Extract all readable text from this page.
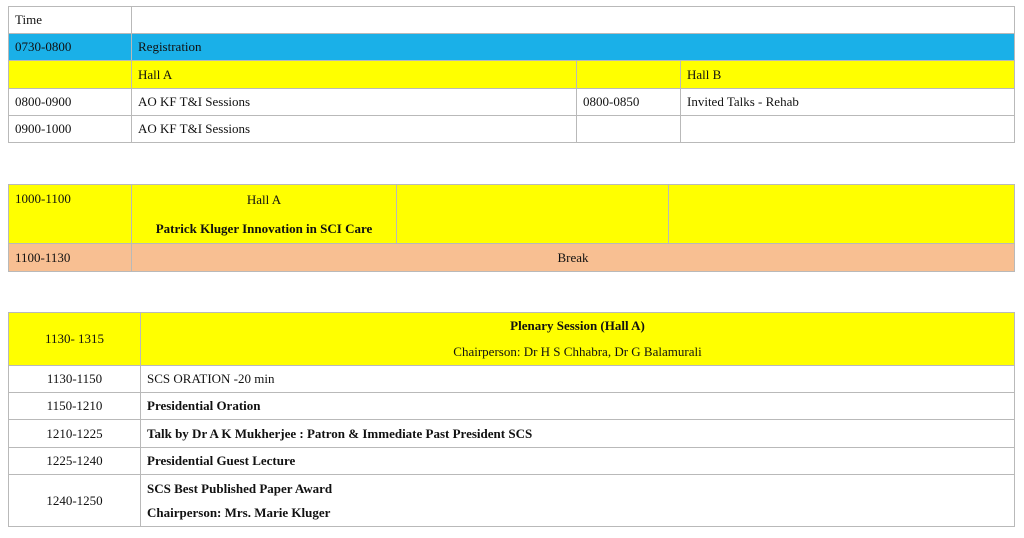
Time			
0730-0800	Registration		
	Hall A		Hall B
0800-0900	AO KF T&I Sessions	0800-0850	Invited Talks - Rehab
0900-1000	AO KF T&I Sessions		
1000-1100	Hall A
Patrick Kluger Innovation in SCI Care		

1100-1130	Break		
1130- 1315	Plenary Session (Hall A)
Chairperson: Dr H S Chhabra, Dr G Balamurali

1130-1150	SCS ORATION -20 min
1150-1210	Presidential Oration
1210-1225	Talk by Dr A K Mukherjee : Patron & Immediate Past President SCS
1225-1240	Presidential Guest Lecture
1240-1250	SCS Best Published Paper Award
Chairperson: Mrs. Marie Kluger
